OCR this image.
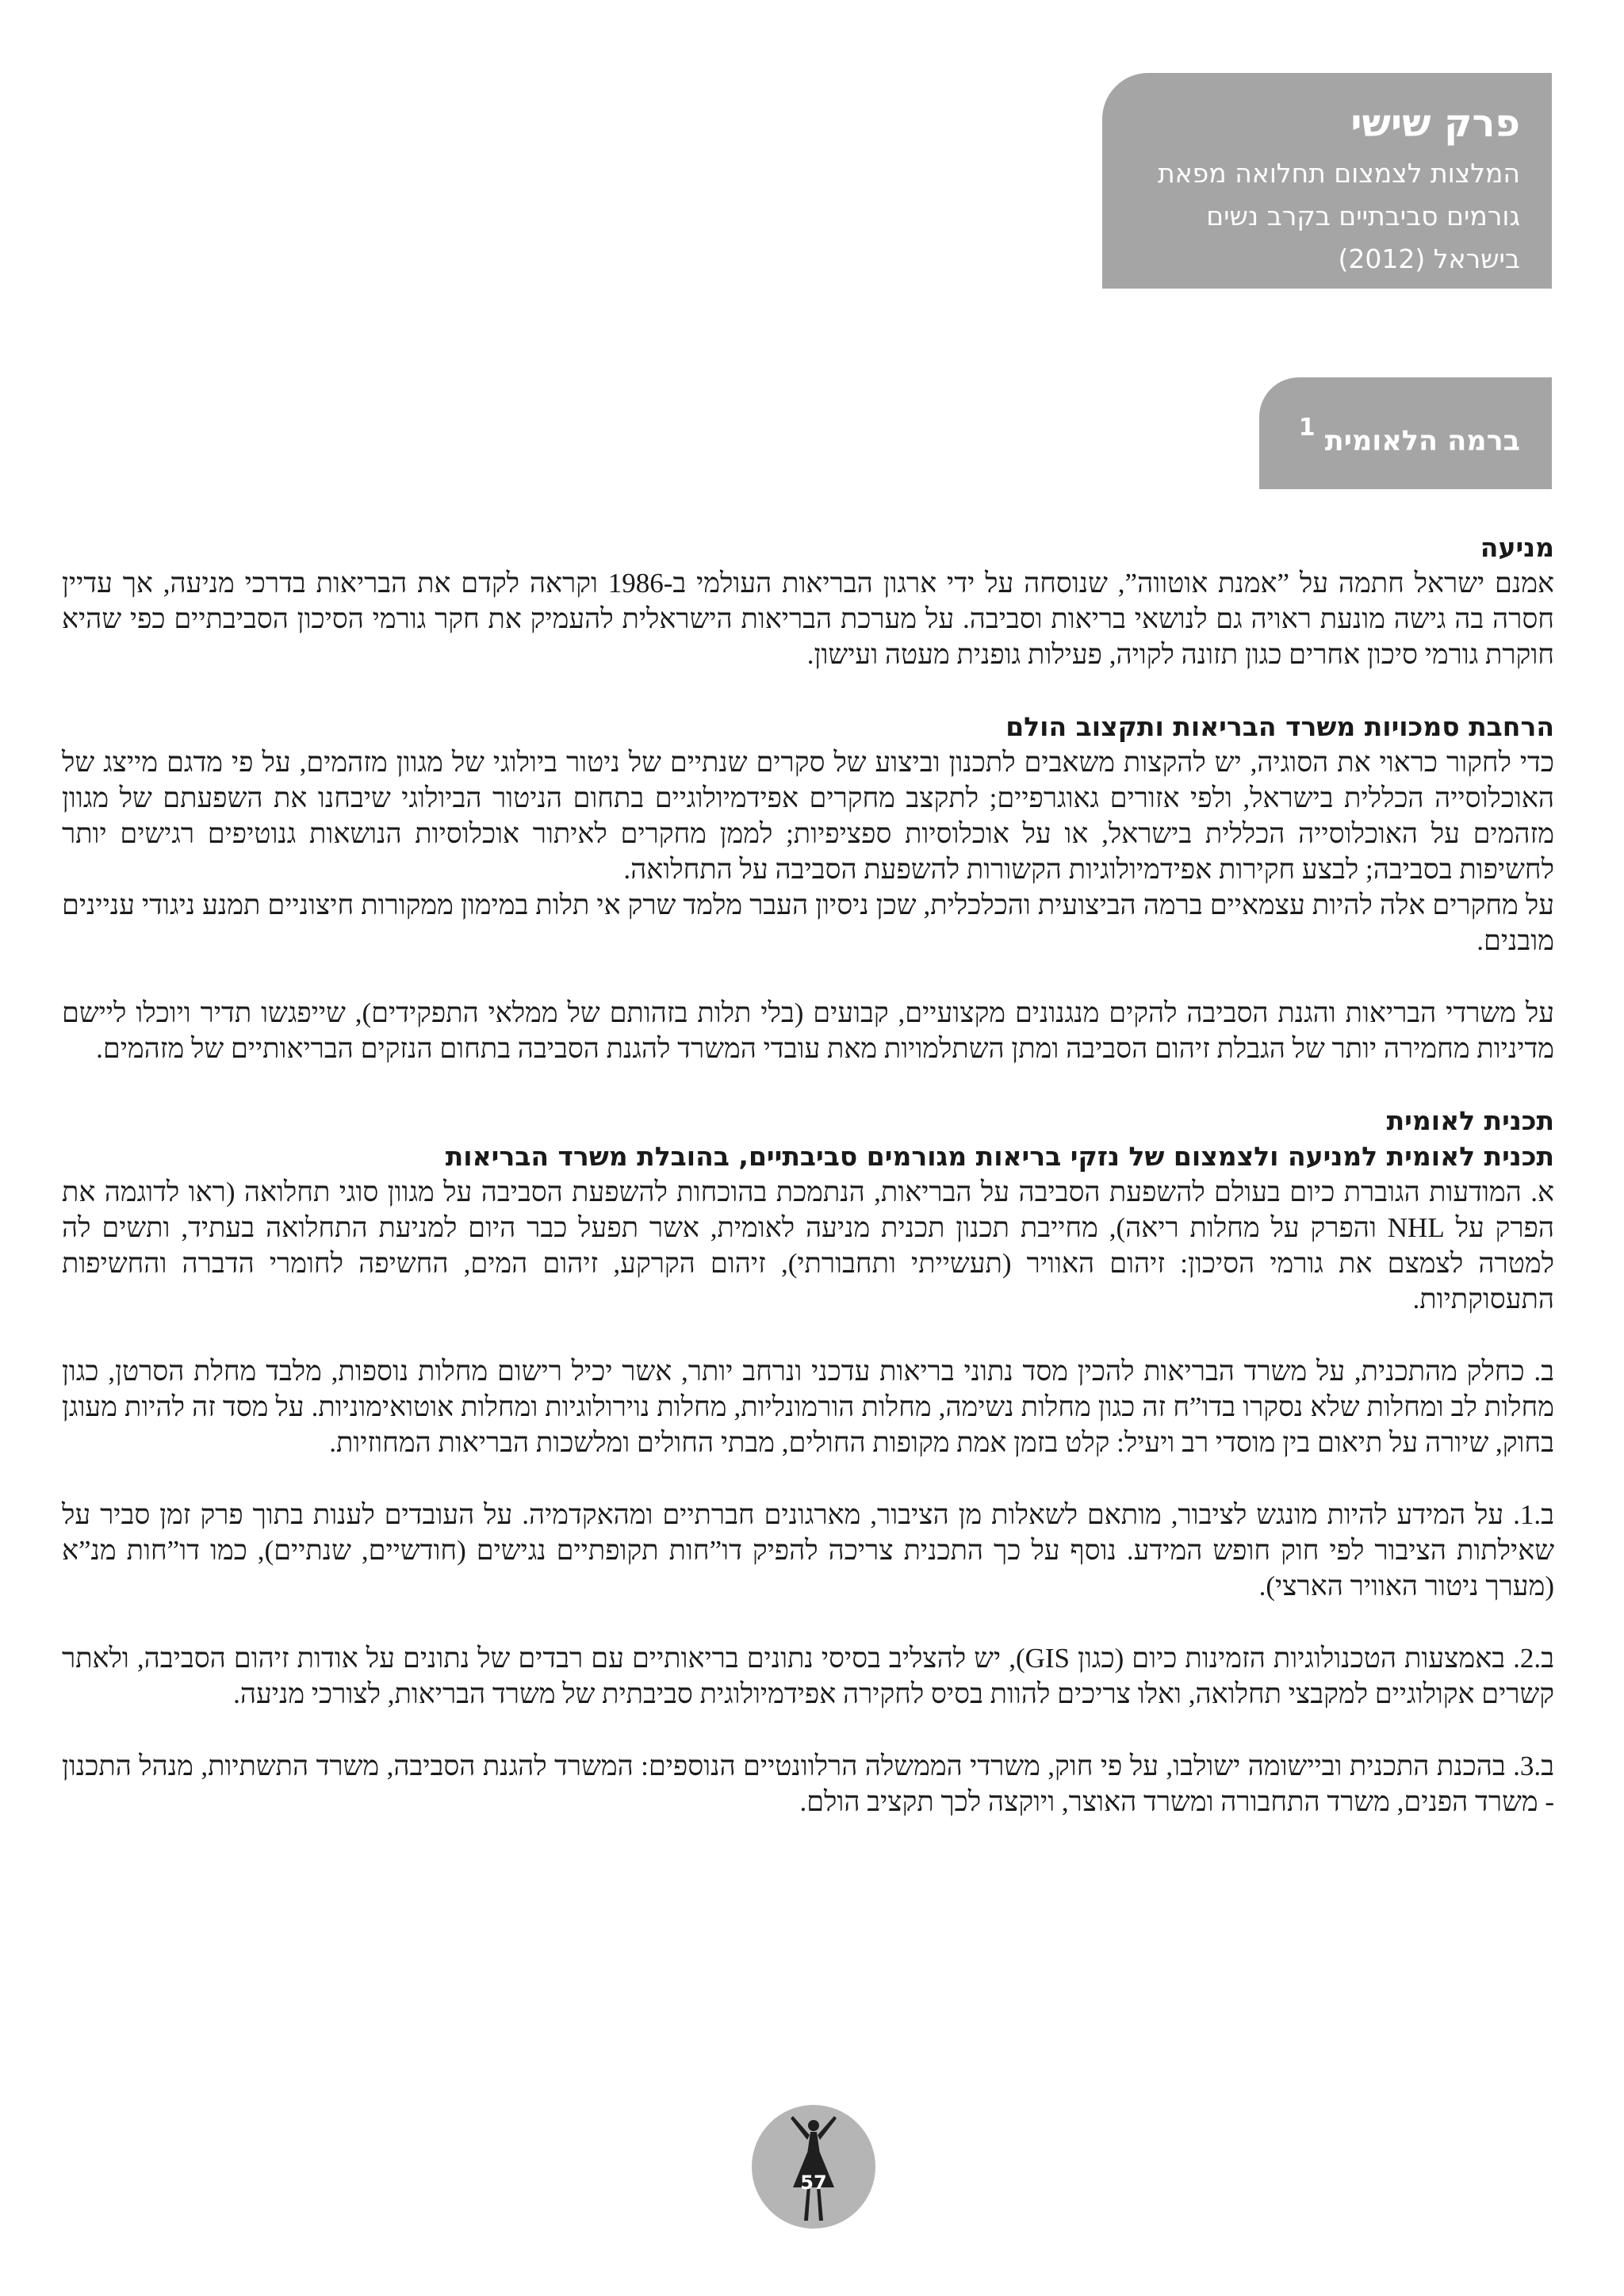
פרק שישי
המלצות לצמצום תחלואה מפאת
גורמים סביבתיים בקרב נשים
בישראל (2012)
ברמה הלאומית $^1$

מניעה

אמנם ישראל חתמה על ”אמנת אוטווה”, שנוסחה על ידי ארגון הבריאות העולמי ב-1986 וקראה לקדם את הבריאות בדרכי מניעה, אך עדיין חסרה בה גישה מונעת ראויה גם לנושאי בריאות וסביבה. על מערכת הבריאות הישראלית להעמיק את חקר גורמי הסיכון הסביבתיים כפי שהיא חוקרת גורמי סיכון אחרים כגון תזונה לקויה, פעילות גופנית מעטה ועישון.

הרחבת סמכויות משרד הבריאות ותקצוב הולם

כדי לחקור כראוי את הסוגיה, יש להקצות משאבים לתכנון וביצוע של סקרים שנתיים של ניטור ביולוגי של מגוון מזהמים, על פי מדגם מייצג של האוכלוסייה הכללית בישראל, ולפי אזורים גאוגרפיים; לתקצב מחקרים אפידמיולוגיים בתחום הניטור הביולוגי שיבחנו את השפעתם של מגוון מזהמים על האוכלוסייה הכללית בישראל, או על אוכלוסיות ספציפיות; לממן מחקרים לאיתור אוכלוסיות הנושאות גנוטיפים רגישים יותר לחשיפות בסביבה; לבצע חקירות אפידמיולוגיות הקשורות להשפעת הסביבה על התחלואה.

על מחקרים אלה להיות עצמאיים ברמה הביצועית והכלכלית, שכן ניסיון העבר מלמד שרק אי תלות במימון ממקורות חיצוניים תמנע ניגודי עניינים מובנים.

על משרדי הבריאות והגנת הסביבה להקים מנגנונים מקצועיים, קבועים (בלי תלות בזהותם של ממלאי התפקידים), שייפגשו תדיר ויוכלו ליישם מדיניות מחמירה יותר של הגבלת זיהום הסביבה ומתן השתלמויות מאת עובדי המשרד להגנת הסביבה בתחום הנזקים הבריאותיים של מזהמים.

תכנית לאומית

תכנית לאומית למניעה ולצמצום של נזקי בריאות מגורמים סביבתיים, בהובלת משרד הבריאות

א. המודעות הגוברת כיום בעולם להשפעת הסביבה על הבריאות, הנתמכת בהוכחות להשפעת הסביבה על מגוון סוגי תחלואה (ראו לדוגמה את הפרק על NHL והפרק על מחלות ריאה), מחייבת תכנון תכנית מניעה לאומית, אשר תפעל כבר היום למניעת התחלואה בעתיד, ותשים לה למטרה לצמצם את גורמי הסיכון: זיהום האוויר (תעשייתי ותחבורתי), זיהום הקרקע, זיהום המים, החשיפה לחומרי הדברה והחשיפות התעסוקתיות.

ב. כחלק מהתכנית, על משרד הבריאות להכין מסד נתוני בריאות עדכני ונרחב יותר, אשר יכיל רישום מחלות נוספות, מלבד מחלת הסרטן, כגון מחלות לב ומחלות שלא נסקרו בדו”ח זה כגון מחלות נשימה, מחלות הורמונליות, מחלות נוירולוגיות ומחלות אוטואימוניות. על מסד זה להיות מעוגן בחוק, שיורה על תיאום בין מוסדי רב ויעיל: קלט בזמן אמת מקופות החולים, מבתי החולים ומלשכות הבריאות המחוזיות.

ב.1. על המידע להיות מונגש לציבור, מותאם לשאלות מן הציבור, מארגונים חברתיים ומהאקדמיה. על העובדים לענות בתוך פרק זמן סביר על שאילתות הציבור לפי חוק חופש המידע. נוסף על כך התכנית צריכה להפיק דו”חות תקופתיים נגישים (חודשיים, שנתיים), כמו דו”חות מנ”א (מערך ניטור האוויר הארצי).

ב.2. באמצעות הטכנולוגיות הזמינות כיום (כגון GIS), יש להצליב בסיסי נתונים בריאותיים עם רבדים של נתונים על אודות זיהום הסביבה, ולאתר קשרים אקולוגיים למקבצי תחלואה, ואלו צריכים להוות בסיס לחקירה אפידמיולוגית סביבתית של משרד הבריאות, לצורכי מניעה.

ב.3. בהכנת התכנית וביישומה ישולבו, על פי חוק, משרדי הממשלה הרלוונטיים הנוספים: המשרד להגנת הסביבה, משרד התשתיות, מנהל התכנון - משרד הפנים, משרד התחבורה ומשרד האוצר, ויוקצה לכך תקציב הולם.

57
